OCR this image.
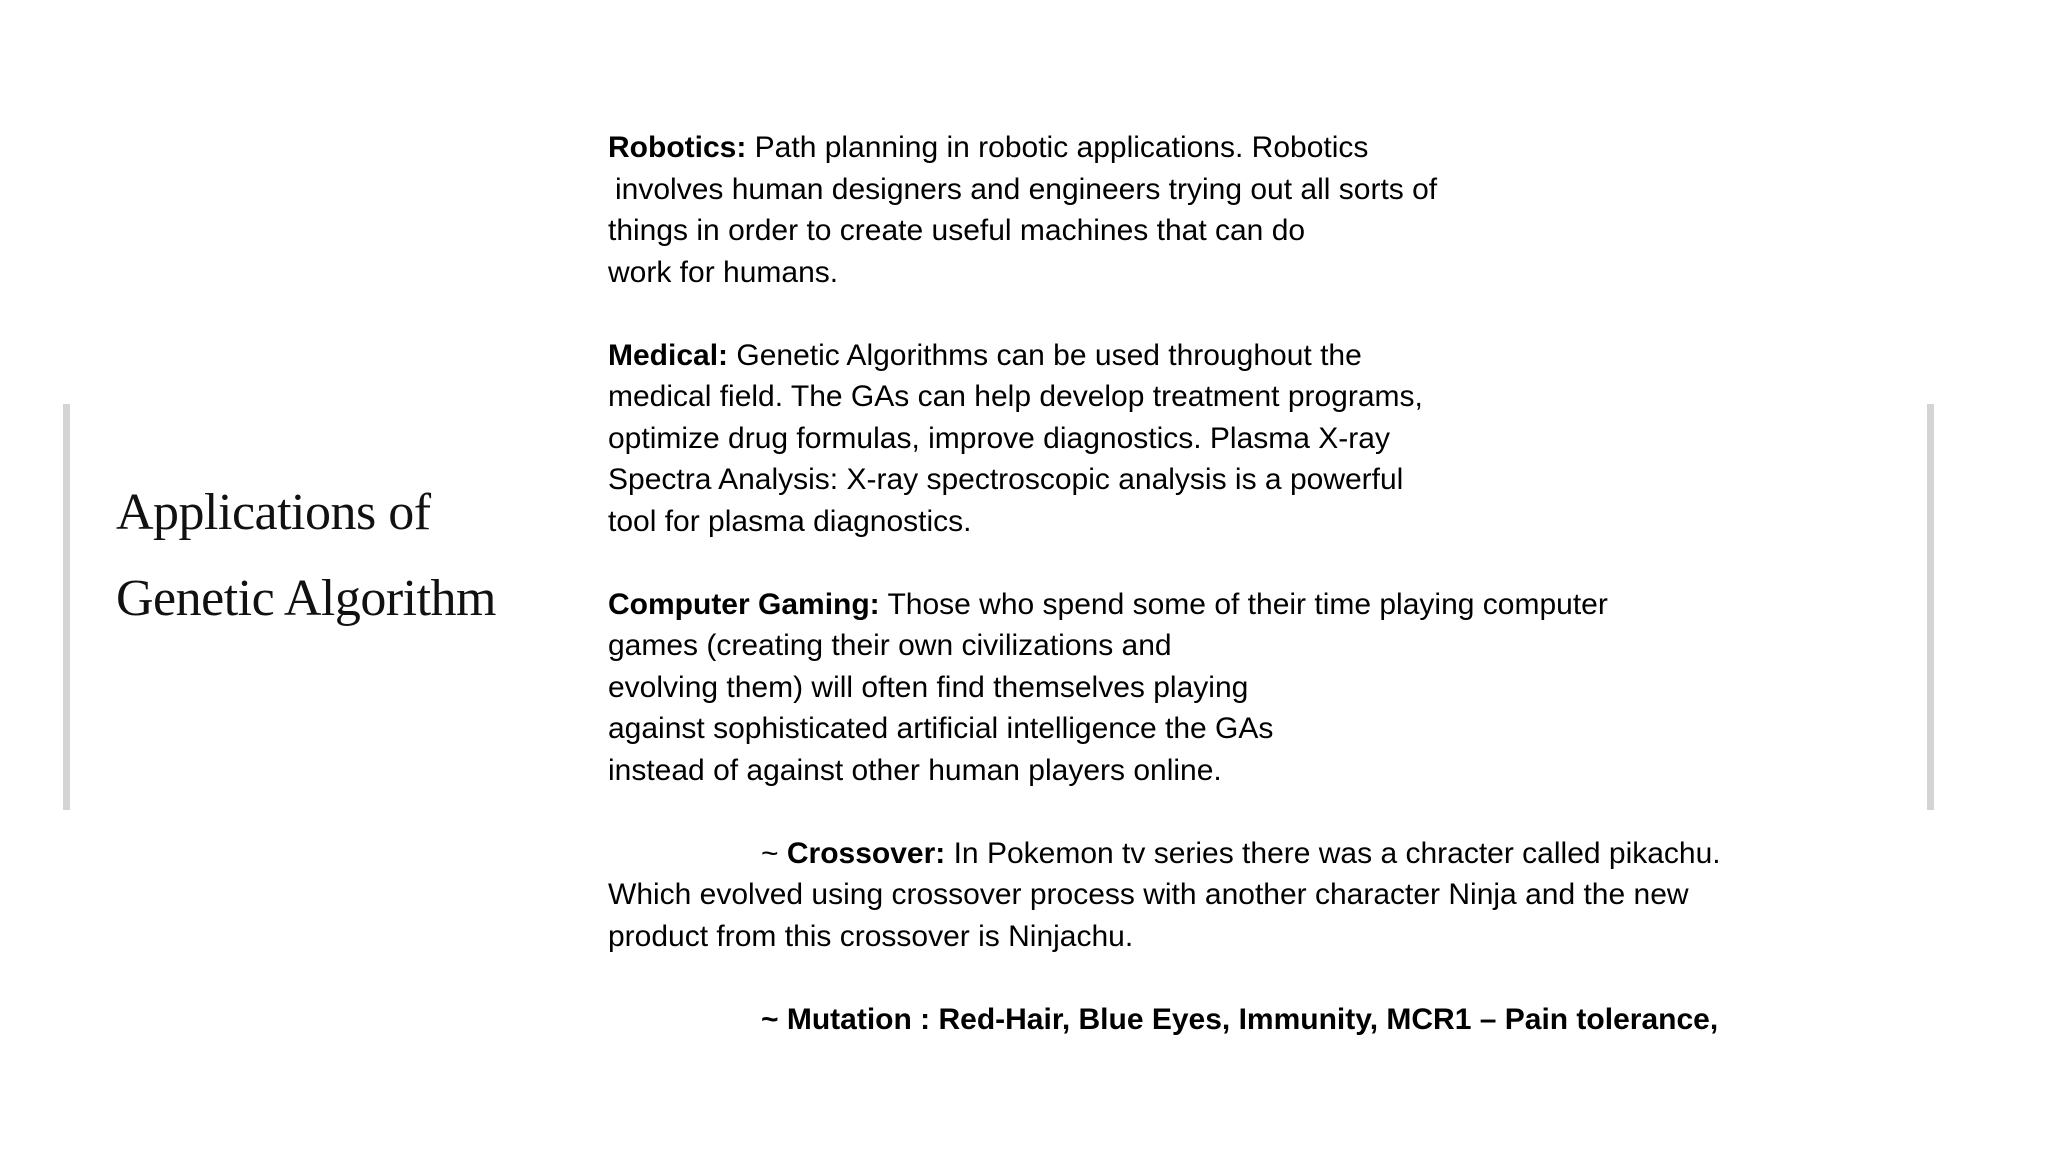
Applications of
Genetic Algorithm
Robotics: Path planning in robotic applications. Robotics
involves human designers and engineers trying out all sorts of
things in order to create useful machines that can do
work for humans.
Medical: Genetic Algorithms can be used throughout the
medical field. The GAs can help develop treatment programs,
optimize drug formulas, improve diagnostics. Plasma X-ray
Spectra Analysis: X-ray spectroscopic analysis is a powerful
tool for plasma diagnostics.
Computer Gaming: Those who spend some of their time playing computer
games (creating their own civilizations and
evolving them) will often find themselves playing
against sophisticated artificial intelligence the GAs
instead of against other human players online.
~ Crossover: In Pokemon tv series there was a chracter called pikachu.
Which evolved using crossover process with another character Ninja and the new
product from this crossover is Ninjachu.
~ Mutation : Red-Hair, Blue Eyes, Immunity, MCR1 – Pain tolerance,
